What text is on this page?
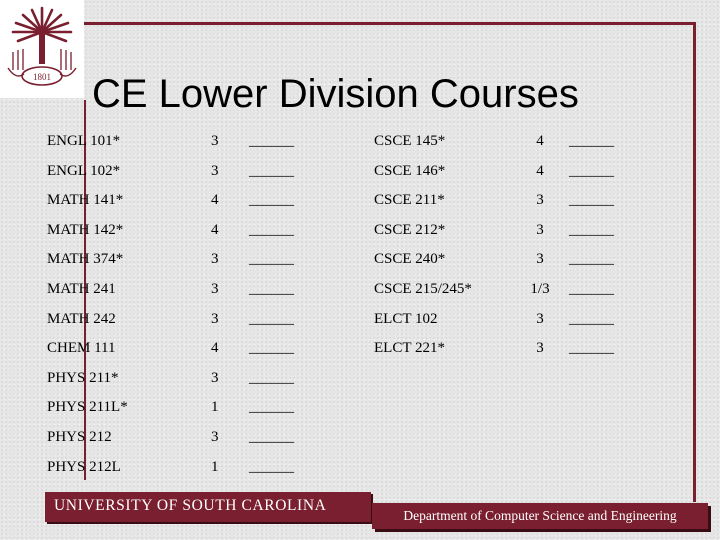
1801 CE Lower Division Courses
ENGL 101*	3 ______	CSCE 145*	4	______
ENGL 102*	3 ______	CSCE 146*	4	______
MATH 141*	4 ______	CSCE 211*	3	______
MATH 142*	4 ______	CSCE 212*	3	______
MATH 374*	3 ______	CSCE 240*	3	______
MATH 241	3 ______	CSCE 215/245*	1/3 ______
MATH 242	3 ______	ELCT 102	3	______
CHEM 111	4 ______	ELCT 221*	3	______
PHYS 211*	3 ______
PHYS 211L*	1 ______
PHYS 212	3 ______
PHYS 212L	1 ______
UNIVERSITY OF SOUTH CAROLINA
Department of Computer Science and Engineering
